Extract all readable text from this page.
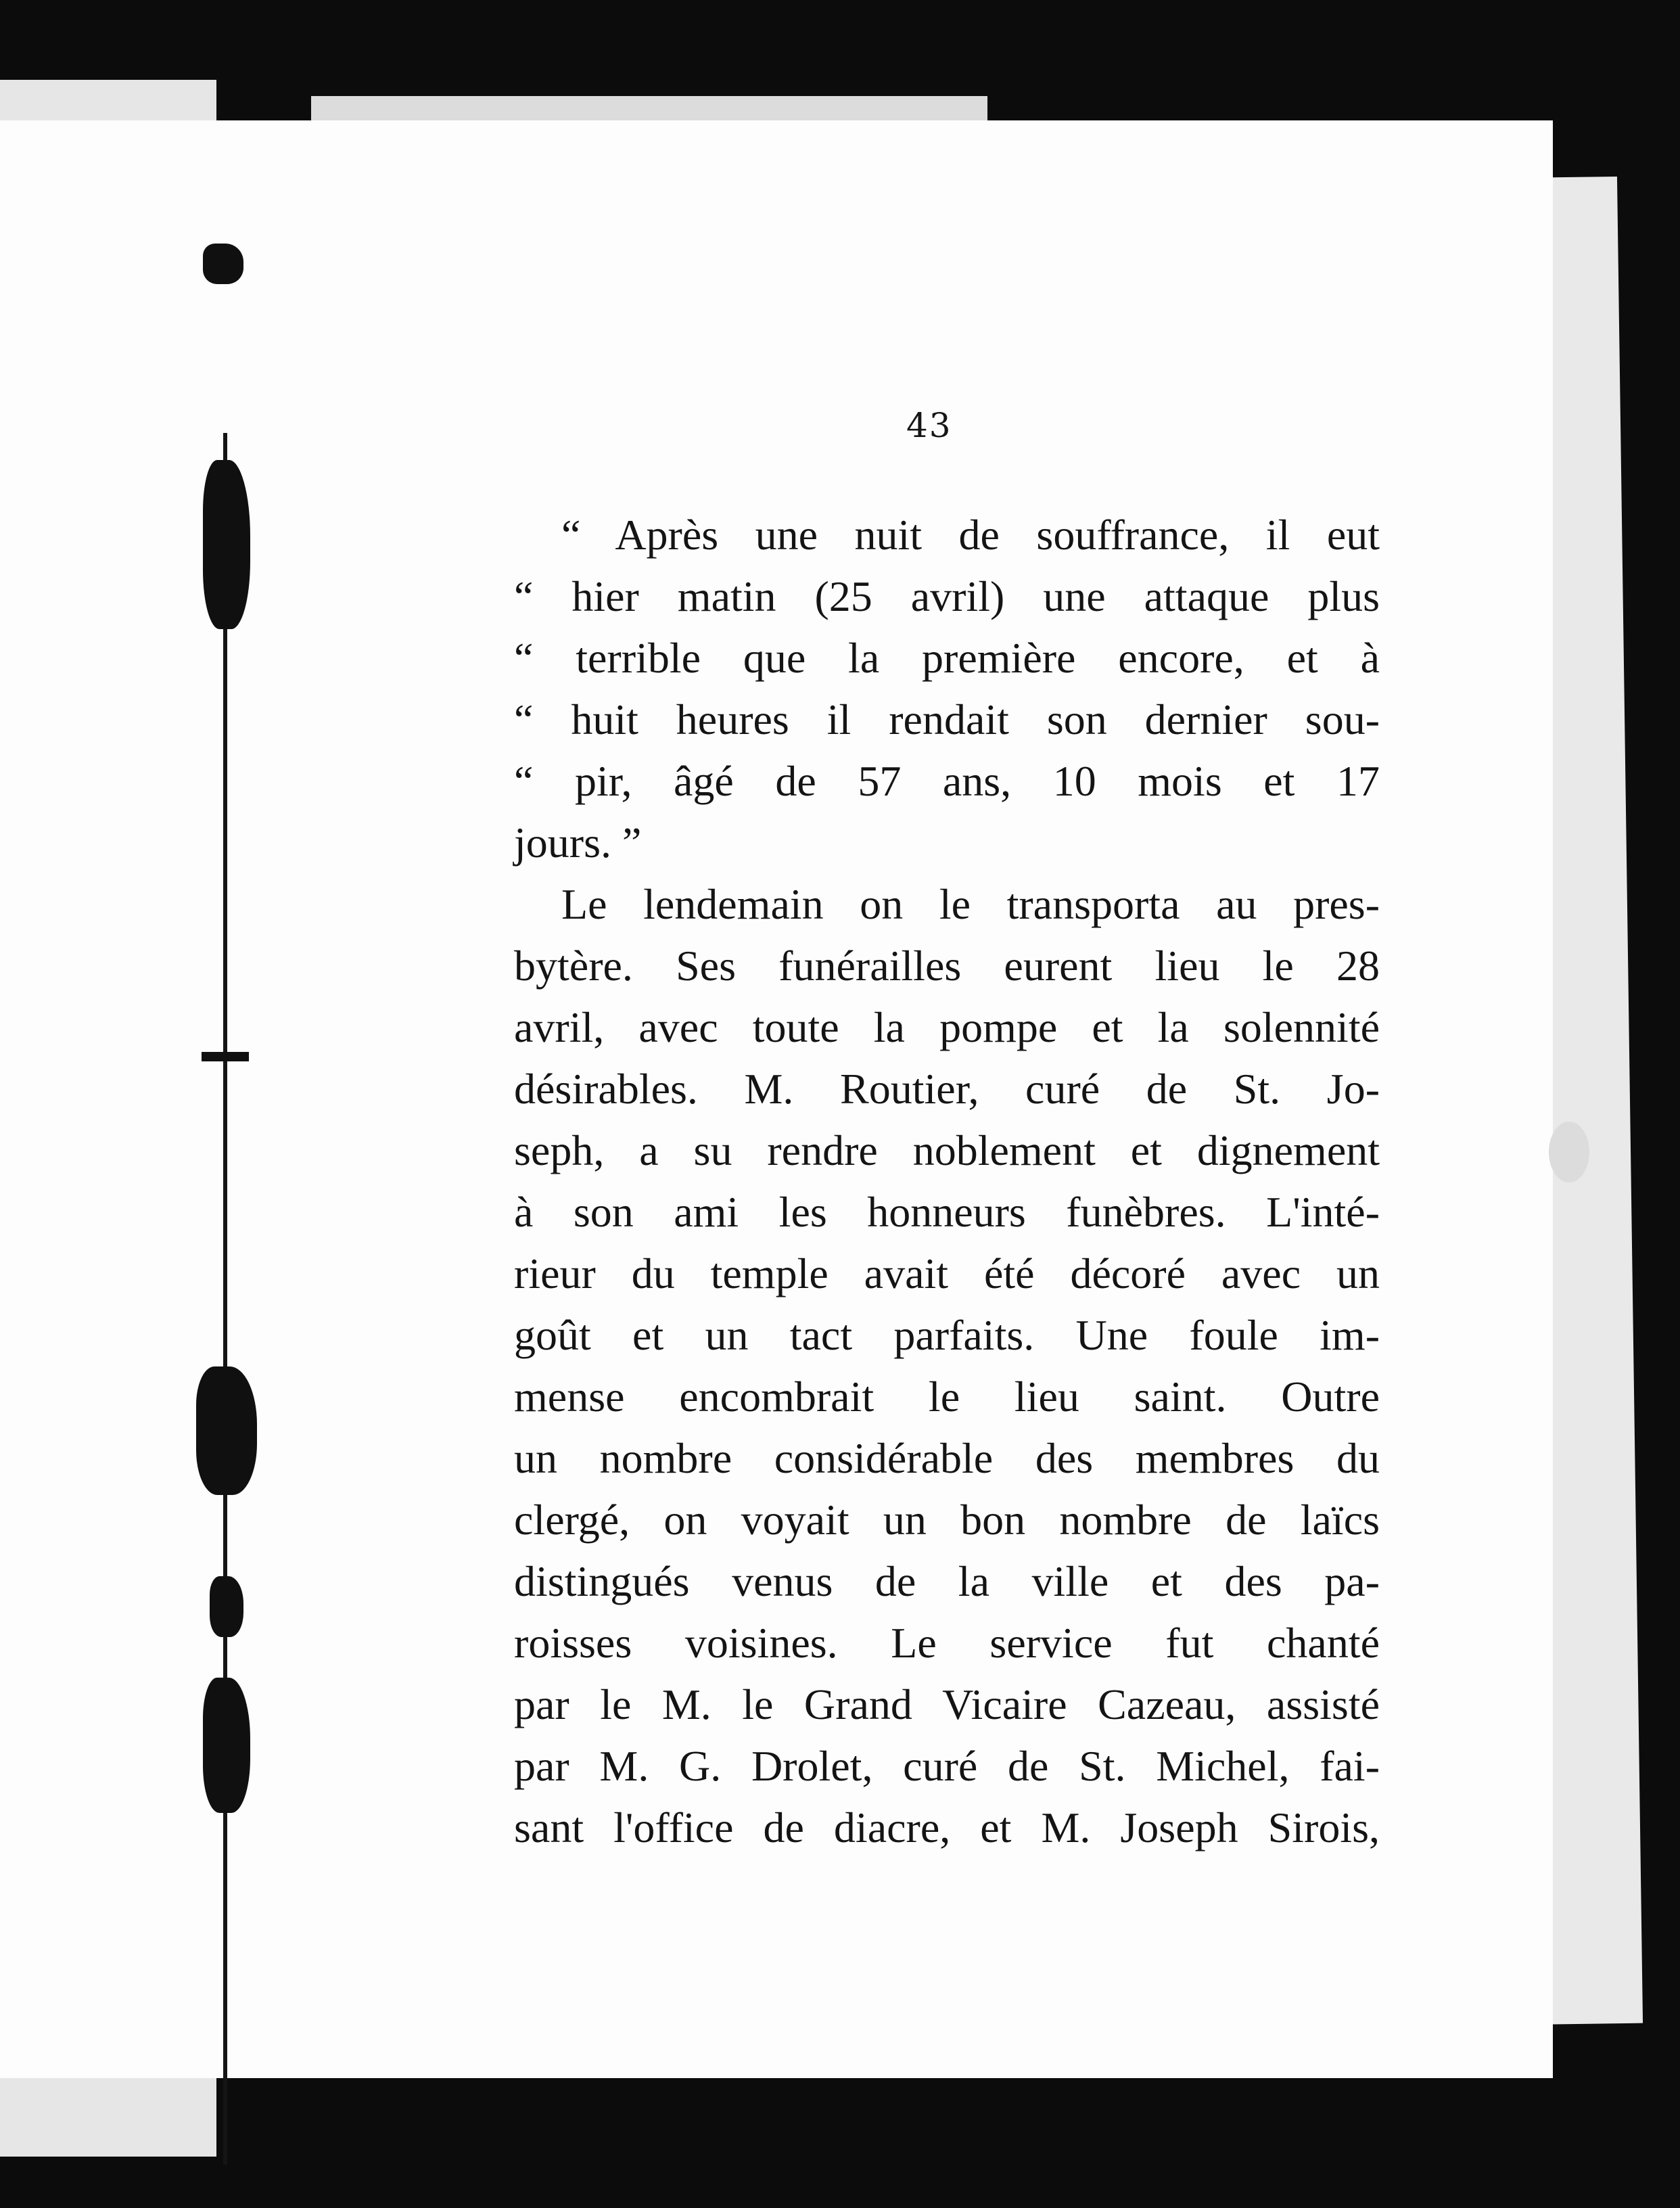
43
“ Après une nuit de souffrance, il eut
“ hier matin (25 avril) une attaque plus
“ terrible que la première encore, et à
“ huit heures il rendait son dernier sou-
“ pir, âgé de 57 ans, 10 mois et 17
jours. ”
Le lendemain on le transporta au pres-
bytère. Ses funérailles eurent lieu le 28
avril, avec toute la pompe et la solennité
désirables. M. Routier, curé de St. Jo-
seph, a su rendre noblement et dignement
à son ami les honneurs funèbres. L'inté-
rieur du temple avait été décoré avec un
goût et un tact parfaits. Une foule im-
mense encombrait le lieu saint. Outre
un nombre considérable des membres du
clergé, on voyait un bon nombre de laïcs
distingués venus de la ville et des pa-
roisses voisines. Le service fut chanté
par le M. le Grand Vicaire Cazeau, assisté
par M. G. Drolet, curé de St. Michel, fai-
sant l'office de diacre, et M. Joseph Sirois,
